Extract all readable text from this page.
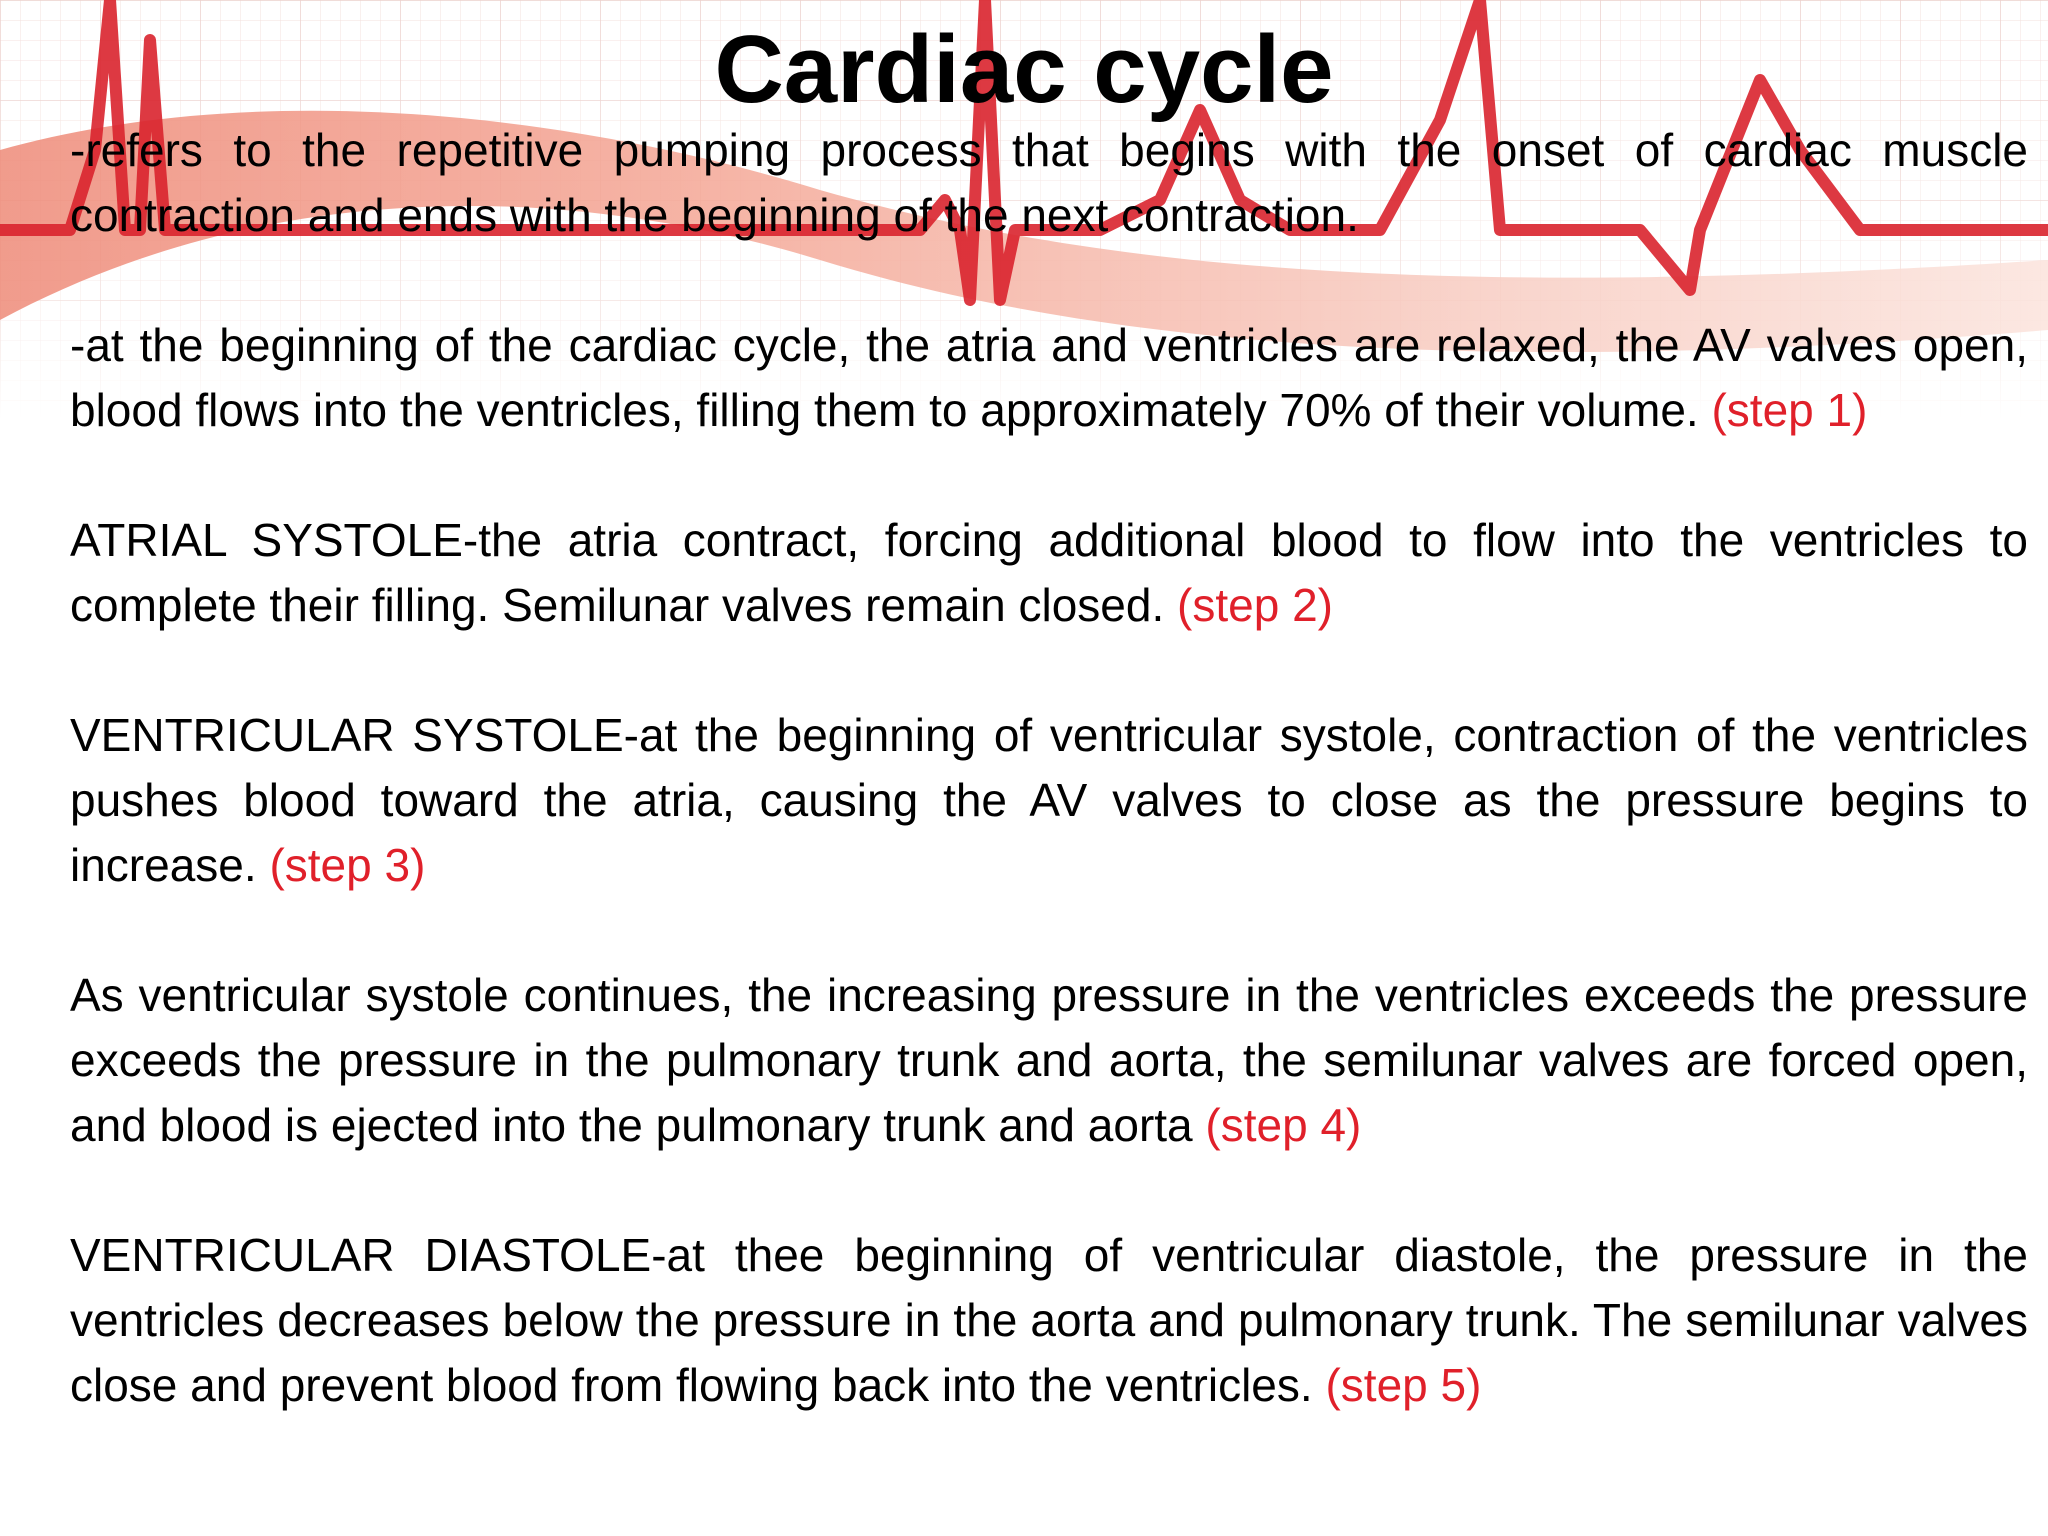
Cardiac cycle

-refers to the repetitive pumping process that begins with the onset of cardiac muscle contraction and ends with the beginning of the next contraction.

-at the beginning of the cardiac cycle, the atria and ventricles are relaxed, the AV valves open, blood flows into the ventricles, filling them to approximately 70% of their volume. (step 1)

ATRIAL SYSTOLE-the atria contract, forcing additional blood to flow into the ventricles to complete their filling. Semilunar valves remain closed. (step 2)

VENTRICULAR SYSTOLE-at the beginning of ventricular systole, contraction of the ventricles pushes blood toward the atria, causing the AV valves to close as the pressure begins to increase. (step 3)

As ventricular systole continues, the increasing pressure in the ventricles exceeds the pressure exceeds the pressure in the pulmonary trunk and aorta, the semilunar valves are forced open, and blood is ejected into the pulmonary trunk and aorta (step 4)

VENTRICULAR DIASTOLE-at thee beginning of ventricular diastole, the pressure in the ventricles decreases below the pressure in the aorta and pulmonary trunk. The semilunar valves close and prevent blood from flowing back into the ventricles. (step 5)
